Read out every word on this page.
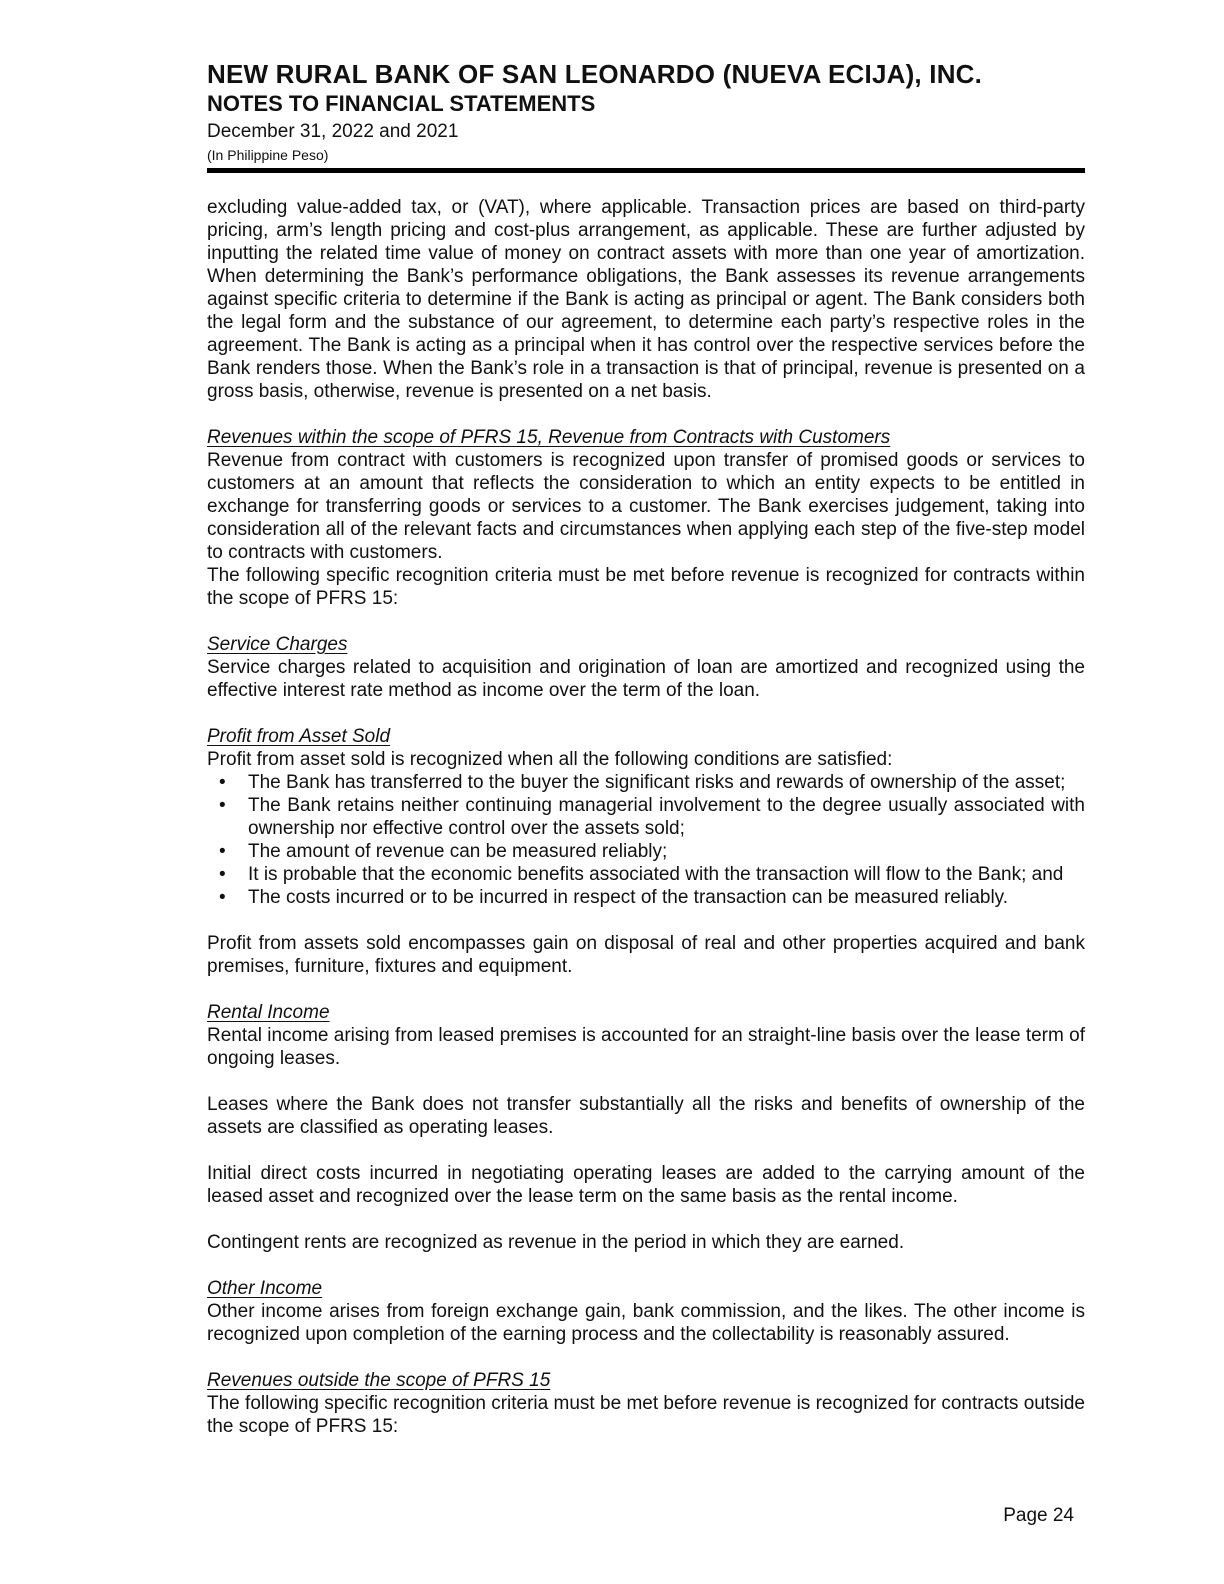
NEW RURAL BANK OF SAN LEONARDO (NUEVA ECIJA), INC.
NOTES TO FINANCIAL STATEMENTS
December 31, 2022 and 2021
(In Philippine Peso)

excluding value-added tax, or (VAT), where applicable. Transaction prices are based on third-party pricing, arm’s length pricing and cost-plus arrangement, as applicable. These are further adjusted by inputting the related time value of money on contract assets with more than one year of amortization. When determining the Bank’s performance obligations, the Bank assesses its revenue arrangements against specific criteria to determine if the Bank is acting as principal or agent. The Bank considers both the legal form and the substance of our agreement, to determine each party’s respective roles in the agreement. The Bank is acting as a principal when it has control over the respective services before the Bank renders those. When the Bank’s role in a transaction is that of principal, revenue is presented on a gross basis, otherwise, revenue is presented on a net basis.

Revenues within the scope of PFRS 15, Revenue from Contracts with Customers

Revenue from contract with customers is recognized upon transfer of promised goods or services to customers at an amount that reflects the consideration to which an entity expects to be entitled in exchange for transferring goods or services to a customer. The Bank exercises judgement, taking into consideration all of the relevant facts and circumstances when applying each step of the five-step model to contracts with customers.

The following specific recognition criteria must be met before revenue is recognized for contracts within the scope of PFRS 15:

Service Charges

Service charges related to acquisition and origination of loan are amortized and recognized using the effective interest rate method as income over the term of the loan.

Profit from Asset Sold

Profit from asset sold is recognized when all the following conditions are satisfied:

• The Bank has transferred to the buyer the significant risks and rewards of ownership of the asset;
• The Bank retains neither continuing managerial involvement to the degree usually associated with ownership nor effective control over the assets sold;
• The amount of revenue can be measured reliably;
• It is probable that the economic benefits associated with the transaction will flow to the Bank; and
• The costs incurred or to be incurred in respect of the transaction can be measured reliably.

Profit from assets sold encompasses gain on disposal of real and other properties acquired and bank premises, furniture, fixtures and equipment.

Rental Income

Rental income arising from leased premises is accounted for an straight-line basis over the lease term of ongoing leases.

Leases where the Bank does not transfer substantially all the risks and benefits of ownership of the assets are classified as operating leases.

Initial direct costs incurred in negotiating operating leases are added to the carrying amount of the leased asset and recognized over the lease term on the same basis as the rental income.

Contingent rents are recognized as revenue in the period in which they are earned.

Other Income

Other income arises from foreign exchange gain, bank commission, and the likes. The other income is recognized upon completion of the earning process and the collectability is reasonably assured.

Revenues outside the scope of PFRS 15

The following specific recognition criteria must be met before revenue is recognized for contracts outside the scope of PFRS 15:

Page 24
